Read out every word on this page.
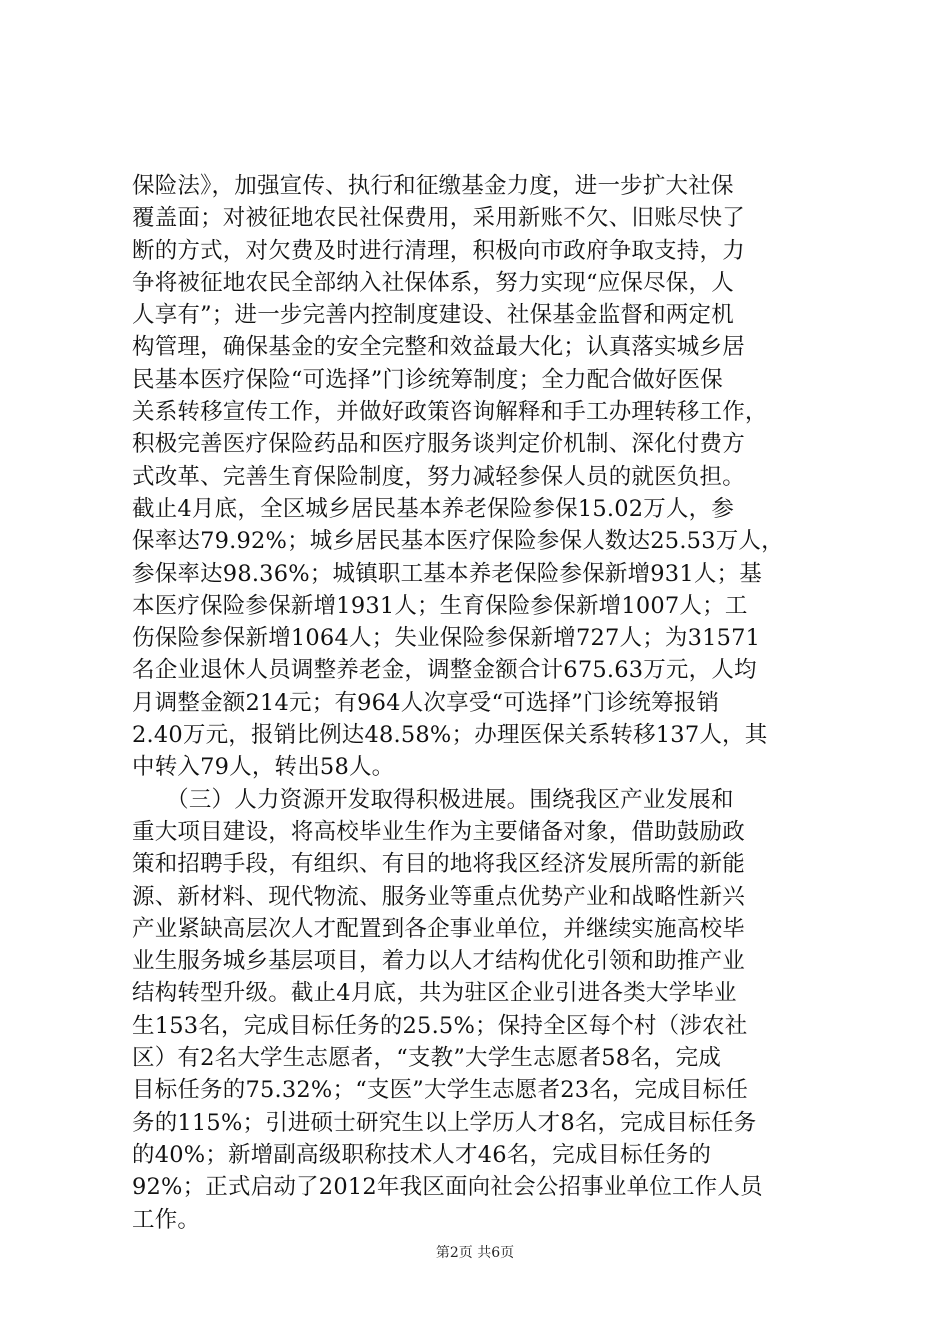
保险法》，加强宣传、执行和征缴基金力度，进一步扩大社保
覆盖面；对被征地农民社保费用，采用新账不欠、旧账尽快了
断的方式，对欠费及时进行清理，积极向市政府争取支持，力
争将被征地农民全部纳入社保体系，努力实现“应保尽保，人
人享有”；进一步完善内控制度建设、社保基金监督和两定机
构管理，确保基金的安全完整和效益最大化；认真落实城乡居
民基本医疗保险“可选择”门诊统筹制度；全力配合做好医保
关系转移宣传工作，并做好政策咨询解释和手工办理转移工作，
积极完善医疗保险药品和医疗服务谈判定价机制、深化付费方
式改革、完善生育保险制度，努力减轻参保人员的就医负担。
截止4月底，全区城乡居民基本养老保险参保15.02万人，参
保率达79.92%；城乡居民基本医疗保险参保人数达25.53万人，
参保率达98.36%；城镇职工基本养老保险参保新增931人；基
本医疗保险参保新增1931人；生育保险参保新增1007人；工
伤保险参保新增1064人；失业保险参保新增727人；为31571
名企业退休人员调整养老金，调整金额合计675.63万元，人均
月调整金额214元；有964人次享受“可选择”门诊统筹报销
2.40万元，报销比例达48.58%；办理医保关系转移137人，其
中转入79人，转出58人。
　　（三）人力资源开发取得积极进展。围绕我区产业发展和
重大项目建设，将高校毕业生作为主要储备对象，借助鼓励政
策和招聘手段，有组织、有目的地将我区经济发展所需的新能
源、新材料、现代物流、服务业等重点优势产业和战略性新兴
产业紧缺高层次人才配置到各企事业单位，并继续实施高校毕
业生服务城乡基层项目，着力以人才结构优化引领和助推产业
结构转型升级。截止4月底，共为驻区企业引进各类大学毕业
生153名，完成目标任务的25.5%；保持全区每个村（涉农社
区）有2名大学生志愿者，“支教”大学生志愿者58名，完成
目标任务的75.32%；“支医”大学生志愿者23名，完成目标任
务的115%；引进硕士研究生以上学历人才8名，完成目标任务
的40%；新增副高级职称技术人才46名，完成目标任务的
92%；正式启动了2012年我区面向社会公招事业单位工作人员
工作。
第2页 共6页
